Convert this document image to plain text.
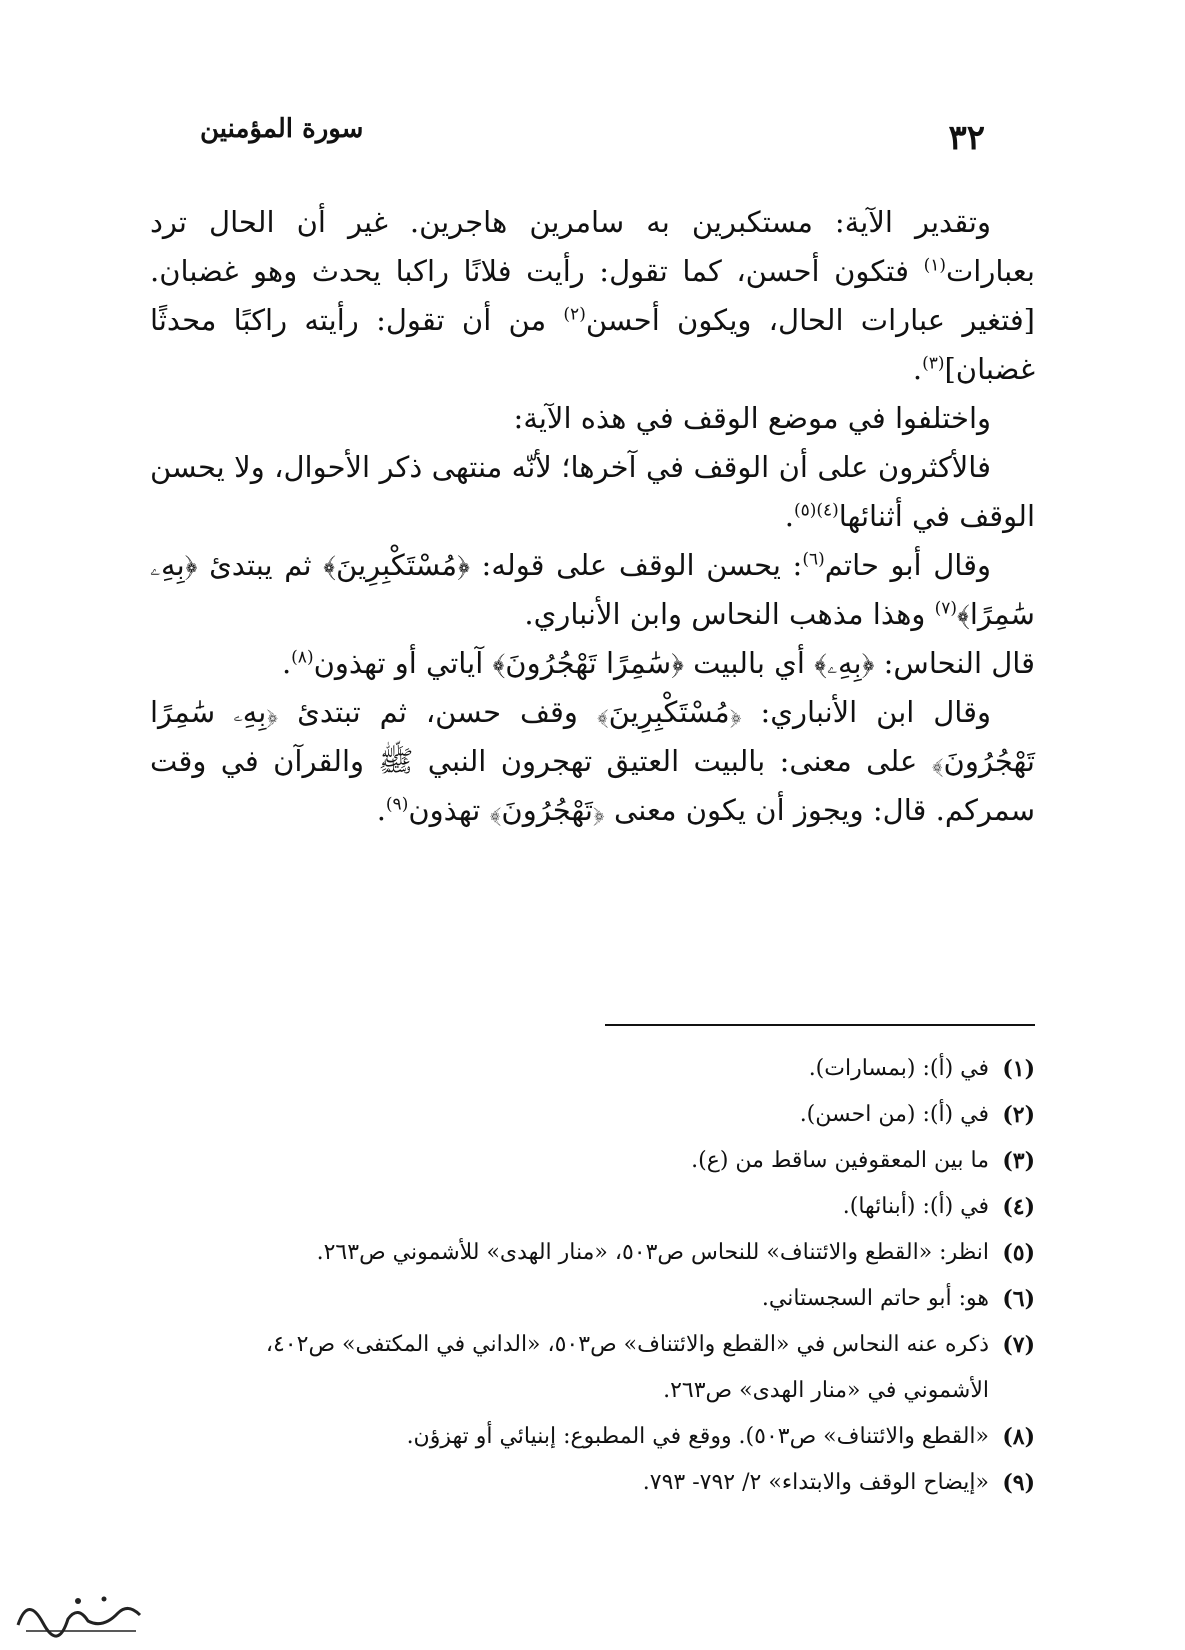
٣٢
سورة المؤمنين

وتقدير الآية: مستكبرين به سامرين هاجرين. غير أن الحال ترد بعبارات$^{(١)}$ فتكون أحسن، كما تقول: رأيت فلانًا راكبا يحدث وهو غضبان. [فتغير عبارات الحال، ويكون أحسن$^{(٢)}$ من أن تقول: رأيته راكبًا محدثًا غضبان]$^{(٣)}$.

واختلفوا في موضع الوقف في هذه الآية:

فالأكثرون على أن الوقف في آخرها؛ لأنّه منتهى ذكر الأحوال، ولا يحسن الوقف في أثنائها$^{(٤)(٥)}$.

وقال أبو حاتم$^{(٦)}$: يحسن الوقف على قوله: ﴿مُسْتَكْبِرِينَ﴾ ثم يبتدئ ﴿بِهِۦ سَٰمِرًا﴾$^{(٧)}$ وهذا مذهب النحاس وابن الأنباري.

قال النحاس: ﴿بِهِۦ﴾ أي بالبيت ﴿سَٰمِرًا تَهْجُرُونَ﴾ آياتي أو تهذون$^{(٨)}$.

وقال ابن الأنباري: ﴿مُسْتَكْبِرِينَ﴾ وقف حسن، ثم تبتدئ ﴿بِهِۦ سَٰمِرًا تَهْجُرُونَ﴾ على معنى: بالبيت العتيق تهجرون النبي ﷺ والقرآن في وقت سمركم. قال: ويجوز أن يكون معنى ﴿تَهْجُرُونَ﴾ تهذون$^{(٩)}$.

(١)
في (أ): (بمسارات).
(٢)
في (أ): (من احسن).
(٣)
ما بين المعقوفين ساقط من (ع).
(٤)
في (أ): (أبنائها).
(٥)
انظر: «القطع والائتناف» للنحاس ص٥٠٣، «منار الهدى» للأشموني ص٢٦٣.
(٦)
هو: أبو حاتم السجستاني.
(٧)
ذكره عنه النحاس في «القطع والائتناف» ص٥٠٣، «الداني في المكتفى» ص٤٠٢، الأشموني في «منار الهدى» ص٢٦٣.
(٨)
«القطع والائتناف» ص٥٠٣). ووقع في المطبوع: إبنيائي أو تهزؤن.
(٩)
«إيضاح الوقف والابتداء» ٢/ ٧٩٢- ٧٩٣.
